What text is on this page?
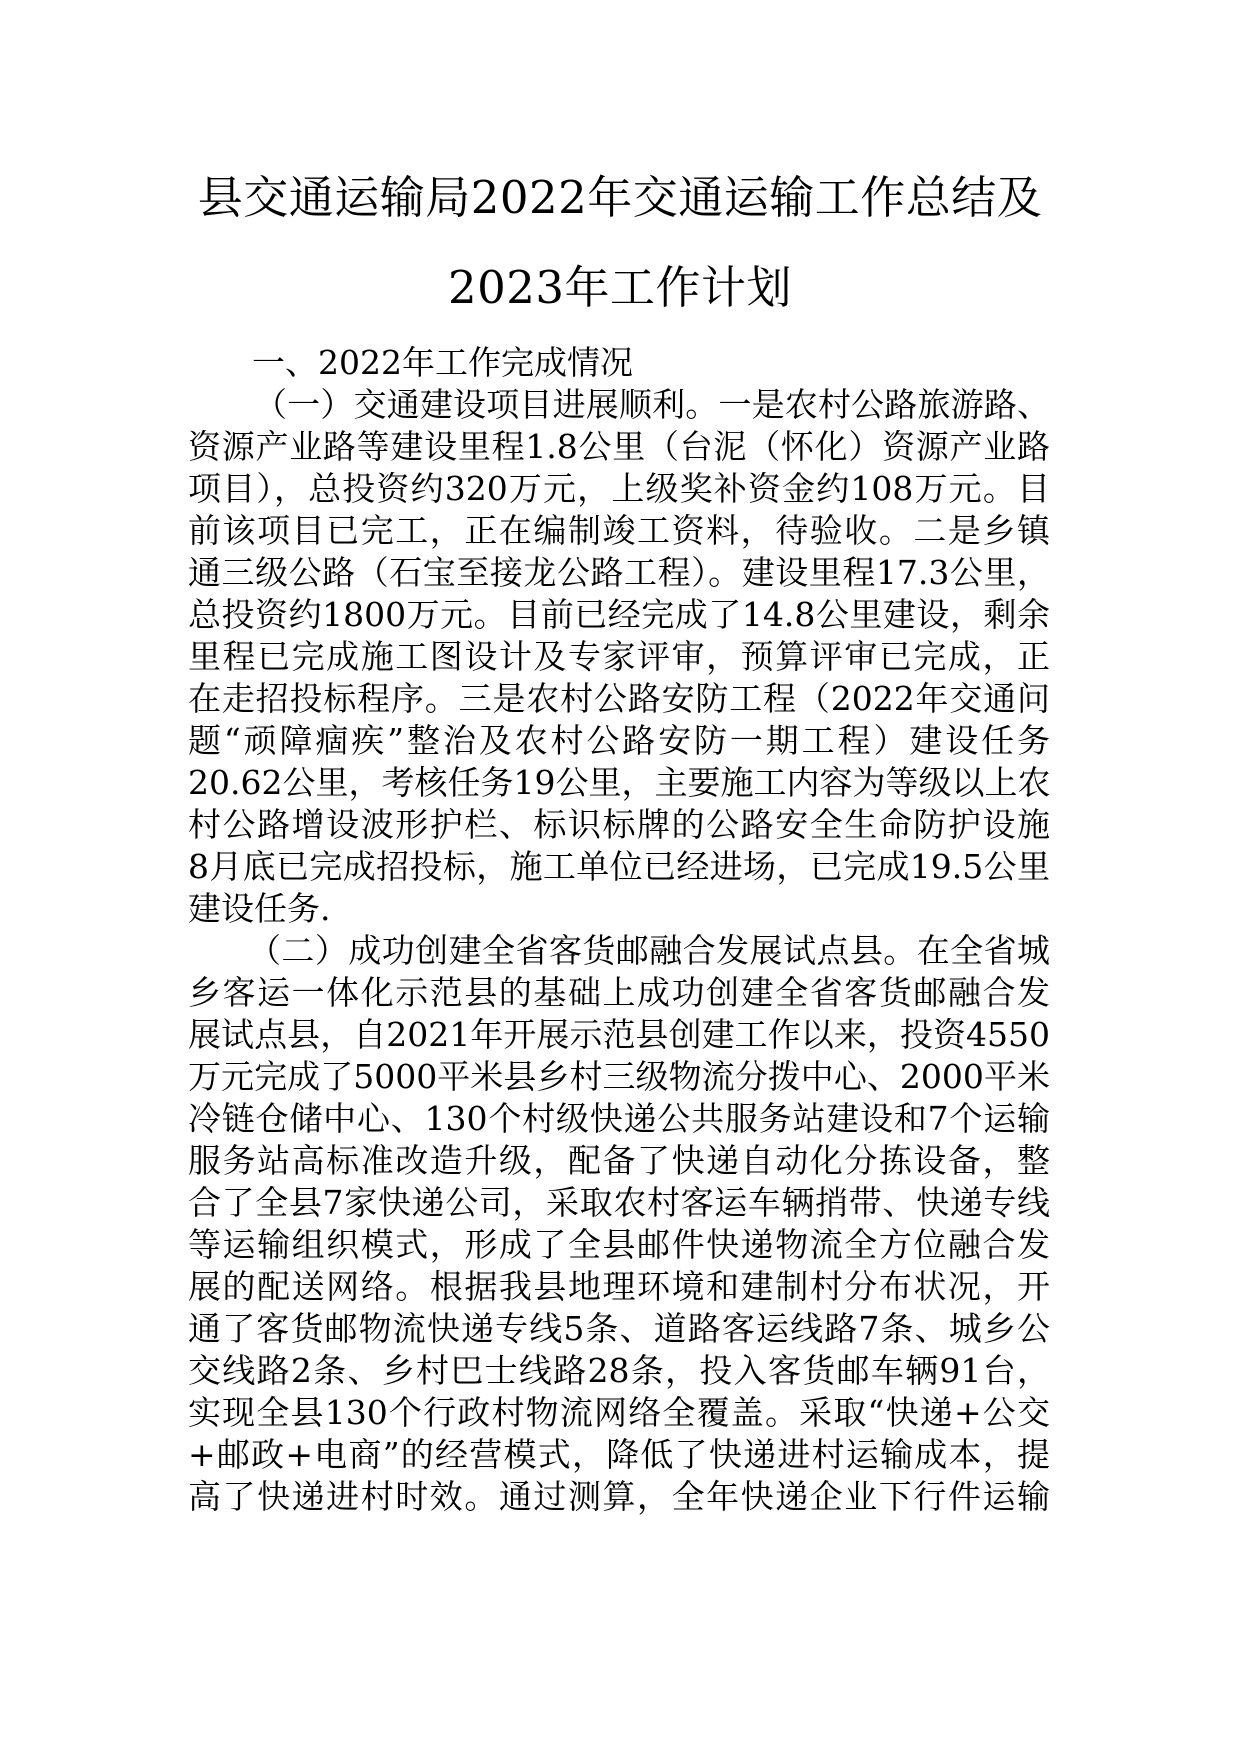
县交通运输局2022年交通运输工作总结及
2023年工作计划
一、2022年工作完成情况
（一）交通建设项目进展顺利。一是农村公路旅游路、
资源产业路等建设里程1.8公里（台泥（怀化）资源产业路
项目），总投资约320万元，上级奖补资金约108万元。目
前该项目已完工，正在编制竣工资料，待验收。二是乡镇
通三级公路（石宝至接龙公路工程）。建设里程17.3公里，
总投资约1800万元。目前已经完成了14.8公里建设，剩余
里程已完成施工图设计及专家评审，预算评审已完成，正
在走招投标程序。三是农村公路安防工程（2022年交通问
题“顽障痼疾”整治及农村公路安防一期工程）建设任务
20.62公里，考核任务19公里，主要施工内容为等级以上农
村公路增设波形护栏、标识标牌的公路安全生命防护设施
8月底已完成招投标，施工单位已经进场，已完成19.5公里
建设任务.
（二）成功创建全省客货邮融合发展试点县。在全省城
乡客运一体化示范县的基础上成功创建全省客货邮融合发
展试点县，自2021年开展示范县创建工作以来，投资4550
万元完成了5000平米县乡村三级物流分拨中心、2000平米
冷链仓储中心、130个村级快递公共服务站建设和7个运输
服务站高标准改造升级，配备了快递自动化分拣设备，整
合了全县7家快递公司，采取农村客运车辆捎带、快递专线
等运输组织模式，形成了全县邮件快递物流全方位融合发
展的配送网络。根据我县地理环境和建制村分布状况，开
通了客货邮物流快递专线5条、道路客运线路7条、城乡公
交线路2条、乡村巴士线路28条，投入客货邮车辆91台，
实现全县130个行政村物流网络全覆盖。采取“快递+公交
+邮政+电商”的经营模式，降低了快递进村运输成本，提
高了快递进村时效。通过测算，全年快递企业下行件运输
